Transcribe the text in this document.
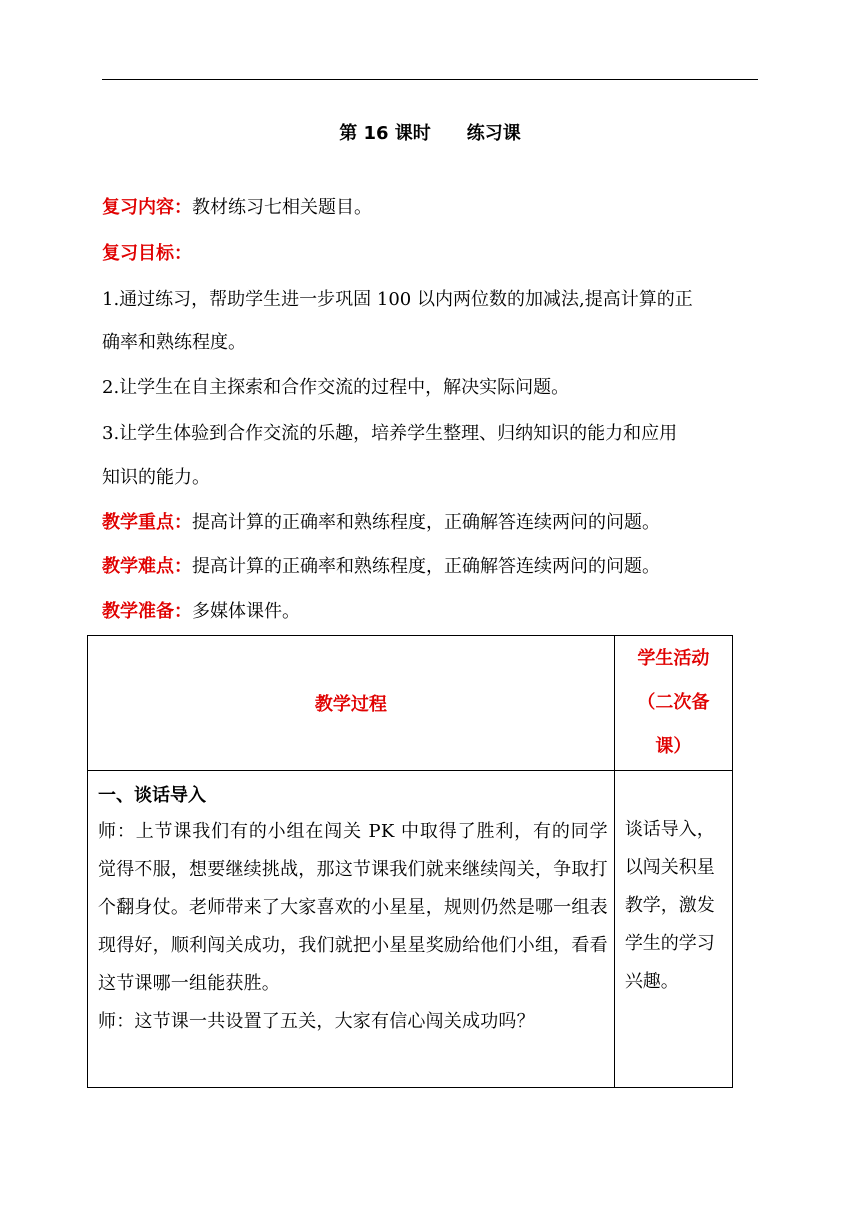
第 16 课时　　练习课
复习内容：教材练习七相关题目。
复习目标：
1.通过练习，帮助学生进一步巩固 100 以内两位数的加减法,提高计算的正
确率和熟练程度。
2.让学生在自主探索和合作交流的过程中，解决实际问题。
3.让学生体验到合作交流的乐趣，培养学生整理、归纳知识的能力和应用
知识的能力。
教学重点：提高计算的正确率和熟练程度，正确解答连续两问的问题。
教学难点：提高计算的正确率和熟练程度，正确解答连续两问的问题。
教学准备：多媒体课件。
教学过程	学生活动（二次备课）

一、谈话导入
师：上节课我们有的小组在闯关 PK 中取得了胜利，有的同学觉得不服，想要继续挑战，那这节课我们就来继续闯关，争取打个翻身仗。老师带来了大家喜欢的小星星，规则仍然是哪一组表现得好，顺利闯关成功，我们就把小星星奖励给他们小组，看看这节课哪一组能获胜。
师：这节课一共设置了五关，大家有信心闯关成功吗？	谈话导入，以闯关积星教学，激发学生的学习兴趣。
